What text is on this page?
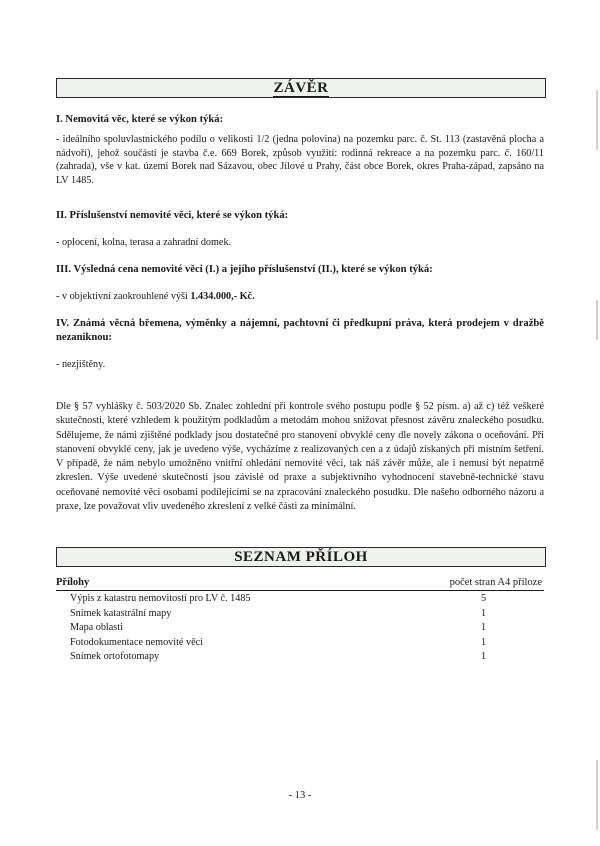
ZÁVĚR
I. Nemovitá věc, které se výkon týká:
- ideálního spoluvlastnického podílu o velikosti 1/2 (jedna polovina) na pozemku parc. č. St. 113 (zastavěná plocha a nádvoří), jehož součástí je stavba č.e. 669 Borek, způsob využití: rodinná rekreace a na pozemku parc. č. 160/11 (zahrada), vše v kat. území Borek nad Sázavou, obec Jílové u Prahy, část obce Borek, okres Praha-západ, zapsáno na LV 1485.
II. Příslušenství nemovité věci, které se výkon týká:
- oplocení, kolna, terasa a zahradní domek.
III. Výsledná cena nemovité věci (I.) a jejího příslušenství (II.), které se výkon týká:
- v objektivní zaokrouhlené výši 1.434.000,- Kč.
IV. Známá věcná břemena, výměnky a nájemní, pachtovní či předkupní práva, která prodejem v dražbě nezaniknou:
- nezjištěny.
Dle § 57 vyhlášky č. 503/2020 Sb. Znalec zohlední při kontrole svého postupu podle § 52 písm. a) až c) též veškeré skutečnosti, které vzhledem k použitým podkladům a metodám mohou snižovat přesnost závěru znaleckého posudku. Sdělujeme, že námi zjištěné podklady jsou dostatečné pro stanovení obvyklé ceny dle novely zákona o oceňování. Při stanovení obvyklé ceny, jak je uvedeno výše, vycházíme z realizovaných cen a z údajů získaných při místním šetření. V případě, že nám nebylo umožněno vnitřní ohledání nemovité věci, tak náš závěr může, ale i nemusí být nepatrně zkreslen. Výše uvedené skutečnosti jsou závislé od praxe a subjektivního vyhodnocení stavebně-technické stavu oceňované nemovité věci osobami podílejícími se na zpracování znaleckého posudku. Dle našeho odborného názoru a praxe, lze považovat vliv uvedeného zkreslení z velké části za minimální.
SEZNAM PŘÍLOH
Přílohy	počet stran A4 příloze
Výpis z katastru nemovitostí pro LV č. 1485	5
Snímek katastrální mapy	1
Mapa oblasti	1
Fotodokumentace nemovité věci	1
Snímek ortofotomapy	1
- 13 -
